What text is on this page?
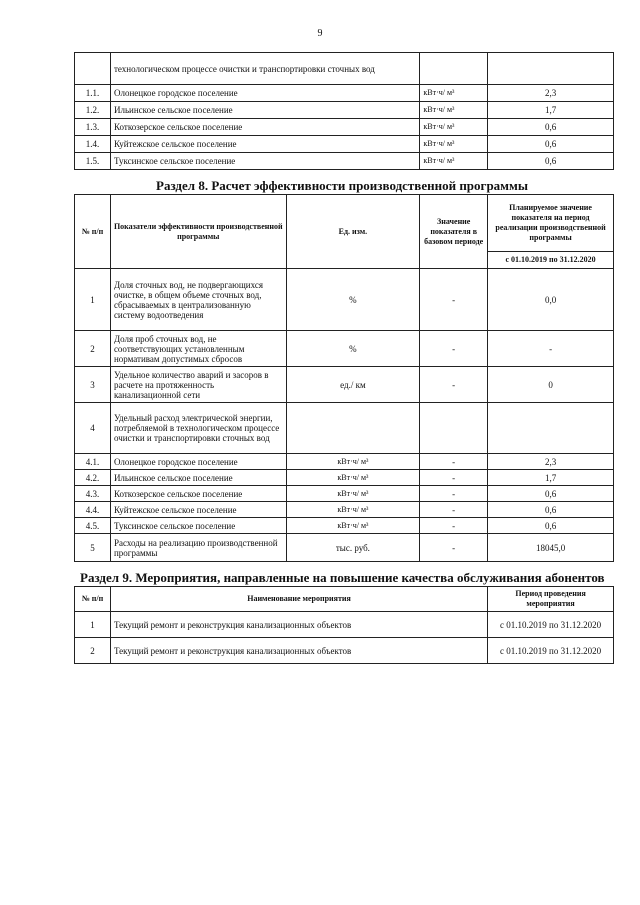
9
	технологическом процессе очистки и транспортировки сточных вод		
1.1.	Олонецкое городское поселение	кВт·ч/ м³	2,3
1.2.	Ильинское сельское поселение	кВт·ч/ м³	1,7
1.3.	Коткозерское сельское поселение	кВт·ч/ м³	0,6
1.4.	Куйтежское сельское поселение	кВт·ч/ м³	0,6
1.5.	Туксинское сельское поселение	кВт·ч/ м³	0,6
Раздел 8. Расчет эффективности производственной программы
№ п/п	Показатели эффективности производственной программы	Ед. изм.	Значение показателя в базовом периоде	Планируемое значение показателя на период реализации производственной программы
				с 01.10.2019 по 31.12.2020
1	Доля сточных вод, не подвергающихся очистке, в общем объеме сточных вод, сбрасываемых в централизованную систему водоотведения	%	-	0,0
2	Доля проб сточных вод, не соответствующих установленным нормативам допустимых сбросов	%	-	-
3	Удельное количество аварий и засоров в расчете на протяженность канализационной сети	ед./ км	-	0
4	Удельный расход электрической энергии, потребляемой в технологическом процессе очистки и транспортировки сточных вод			
4.1.	Олонецкое городское поселение	кВт·ч/ м³	-	2,3
4.2.	Ильинское сельское поселение	кВт·ч/ м³	-	1,7
4.3.	Коткозерское сельское поселение	кВт·ч/ м³	-	0,6
4.4.	Куйтежское сельское поселение	кВт·ч/ м³	-	0,6
4.5.	Туксинское сельское поселение	кВт·ч/ м³	-	0,6
5	Расходы на реализацию производственной программы	тыс. руб.	-	18045,0
Раздел 9. Мероприятия, направленные на повышение качества обслуживания абонентов
№ п/п	Наименование мероприятия	Период проведения мероприятия
1	Текущий ремонт и реконструкция канализационных объектов	с 01.10.2019 по 31.12.2020
2	Текущий ремонт и реконструкция канализационных объектов	с 01.10.2019 по 31.12.2020
